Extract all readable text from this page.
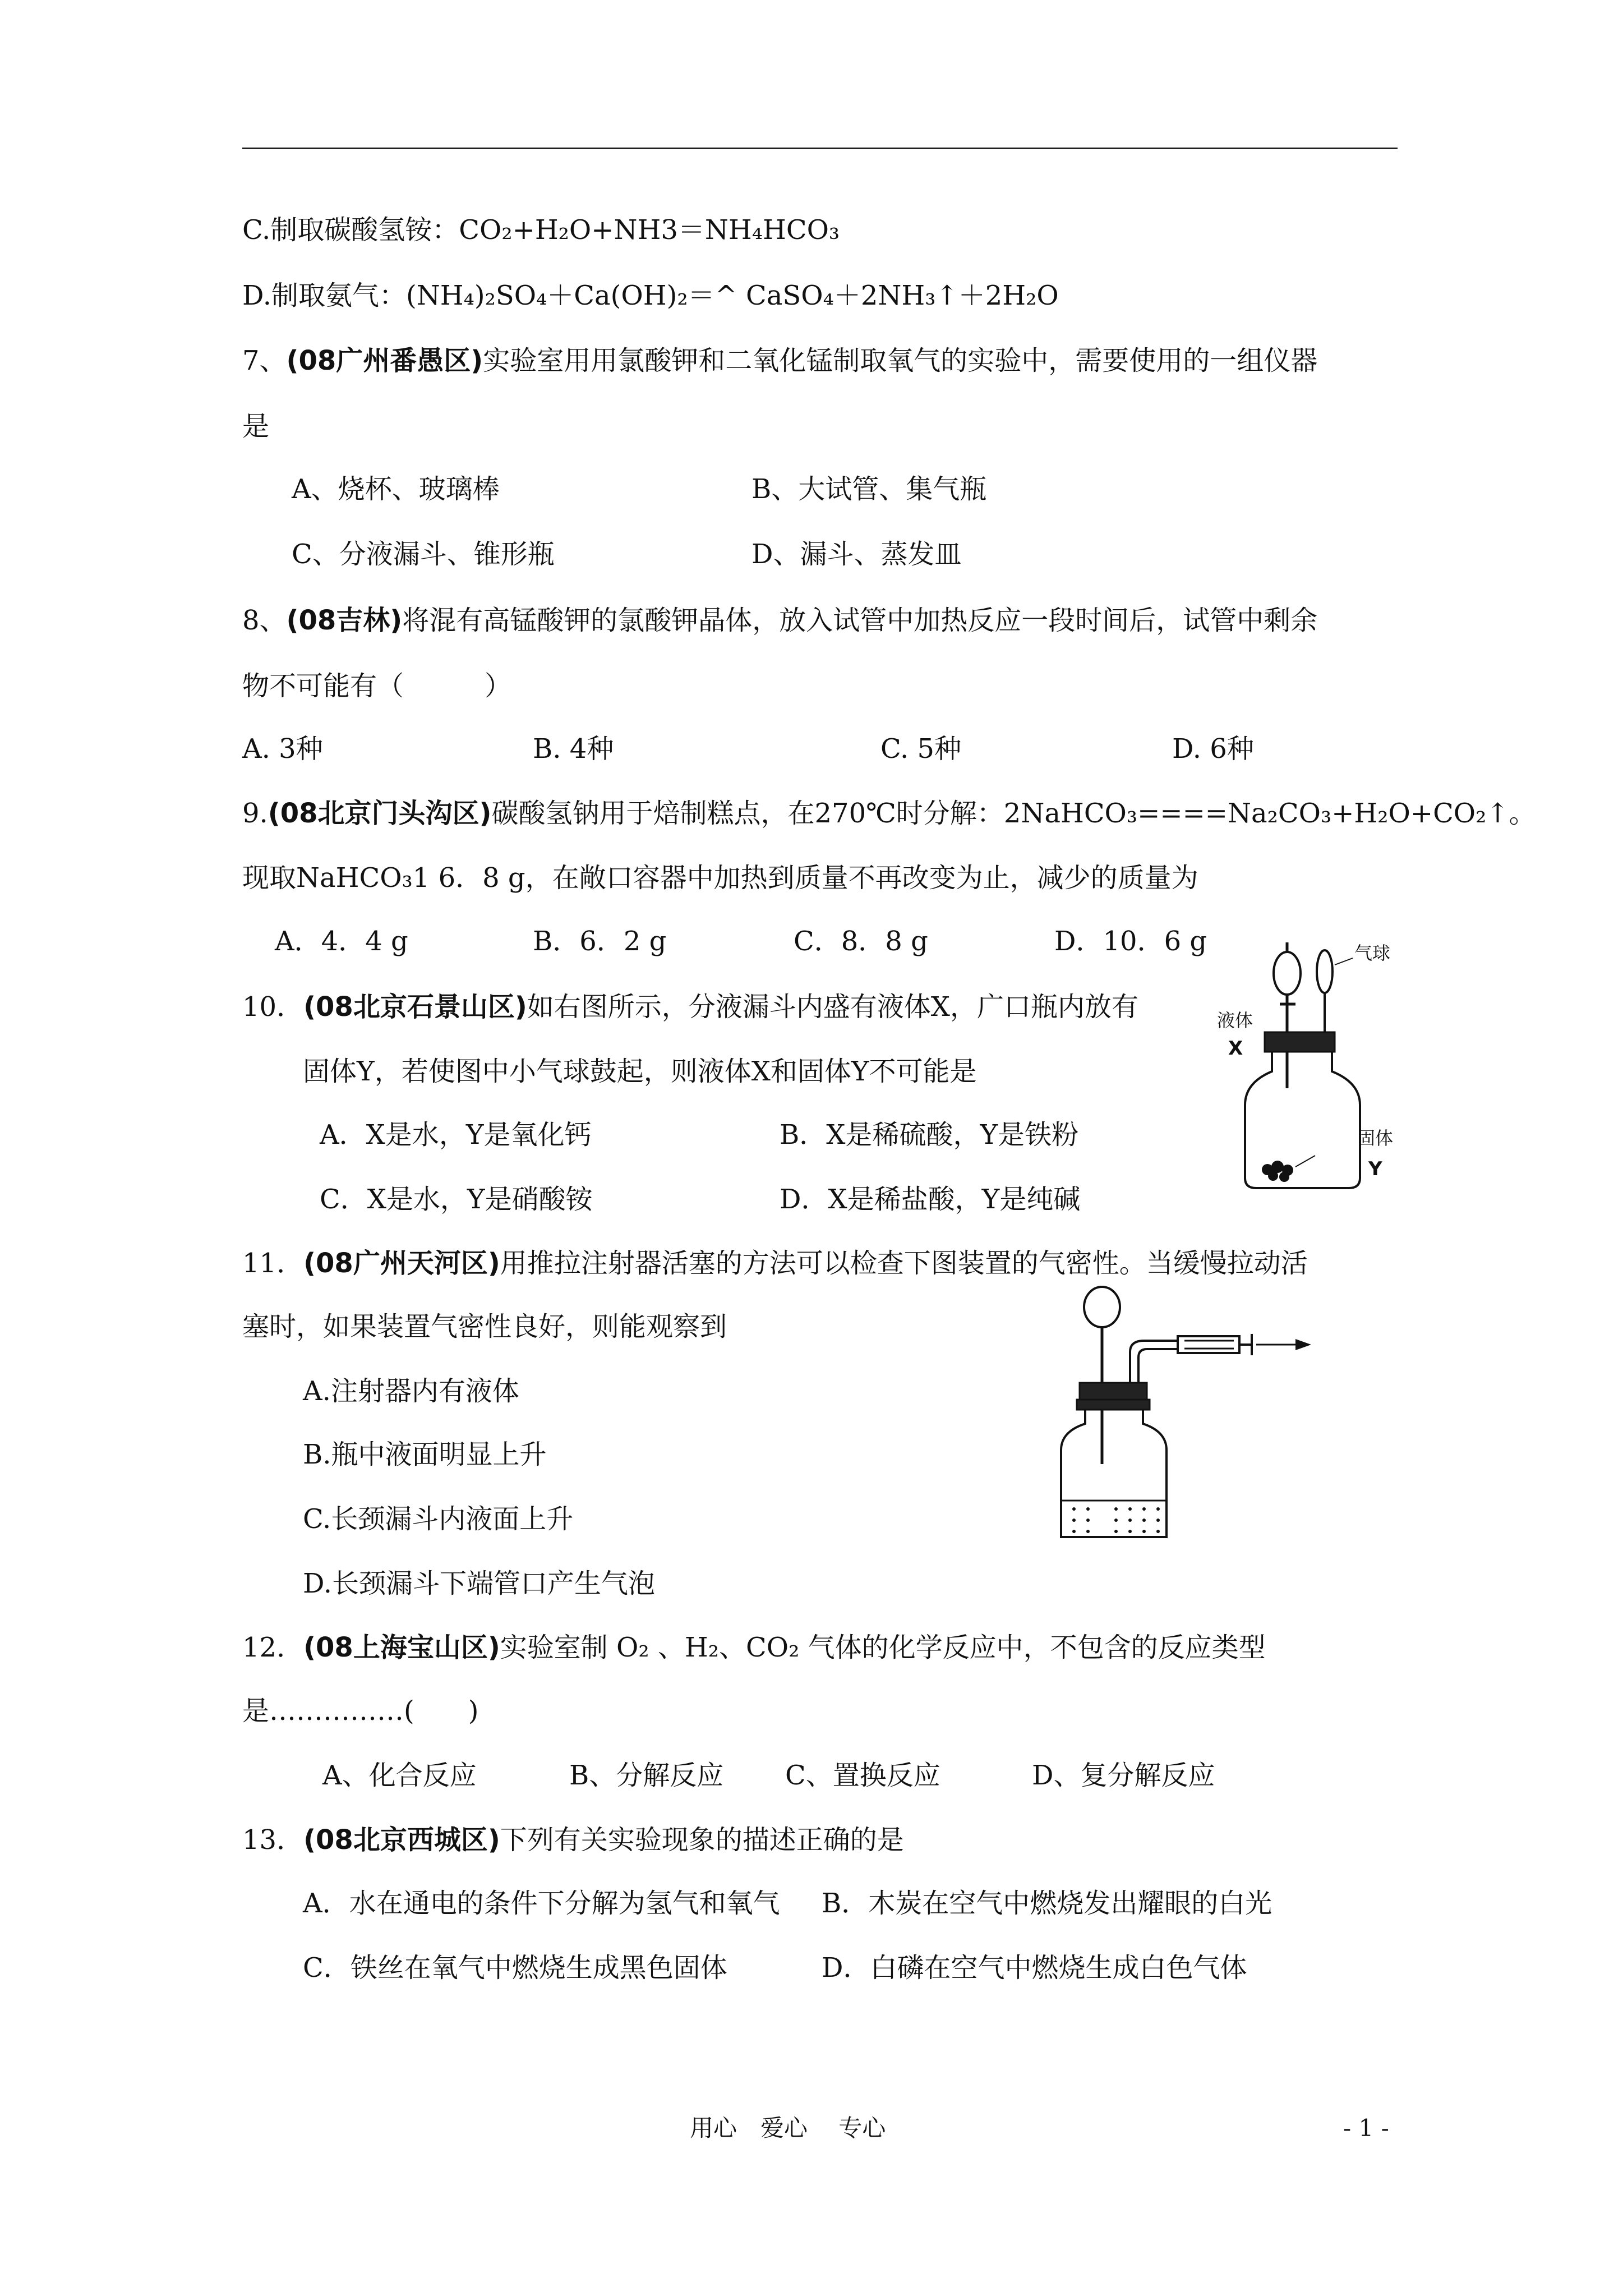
C.制取碳酸氢铵：CO₂+H₂O+NH3＝NH₄HCO₃
D.制取氨气：(NH₄)₂SO₄＋Ca(OH)₂＝^ CaSO₄＋2NH₃↑＋2H₂O
7、(08广州番愚区)实验室用用氯酸钾和二氧化锰制取氧气的实验中，需要使用的一组仪器
是
A、烧杯、玻璃棒	B、大试管、集气瓶
C、分液漏斗、锥形瓶	D、漏斗、蒸发皿
8、(08吉林)将混有高锰酸钾的氯酸钾晶体，放入试管中加热反应一段时间后，试管中剩余
物不可能有（　　　）
A. 3种	B. 4种	C. 5种	D. 6种
9.(08北京门头沟区)碳酸氢钠用于焙制糕点，在270℃时分解：2NaHCO₃====Na₂CO₃+H₂O+CO₂↑。
现取NaHCO₃1 6．8 g，在敞口容器中加热到质量不再改变为止，减少的质量为
A．4．4 g	B．6．2 g	C．8．8 g	D．10．6 g
10．(08北京石景山区)如右图所示，分液漏斗内盛有液体X，广口瓶内放有
固体Y，若使图中小气球鼓起，则液体X和固体Y不可能是
A．X是水，Y是氧化钙	B．X是稀硫酸，Y是铁粉
C．X是水，Y是硝酸铵	D．X是稀盐酸，Y是纯碱
气球
液体
X
固体
Y
11．(08广州天河区)用推拉注射器活塞的方法可以检查下图装置的气密性。当缓慢拉动活
塞时，如果装置气密性良好，则能观察到
A.注射器内有液体
B.瓶中液面明显上升
C.长颈漏斗内液面上升
D.长颈漏斗下端管口产生气泡
12．(08上海宝山区)实验室制 O₂ 、H₂、CO₂ 气体的化学反应中，不包含的反应类型
是……………(　　)
A、化合反应	B、分解反应 C、置换反应	D、复分解反应
13．(08北京西城区)下列有关实验现象的描述正确的是
A．水在通电的条件下分解为氢气和氧气 B．木炭在空气中燃烧发出耀眼的白光
C．铁丝在氧气中燃烧生成黑色固体	D．白磷在空气中燃烧生成白色气体
用心　爱心　 专心	- 1 -
